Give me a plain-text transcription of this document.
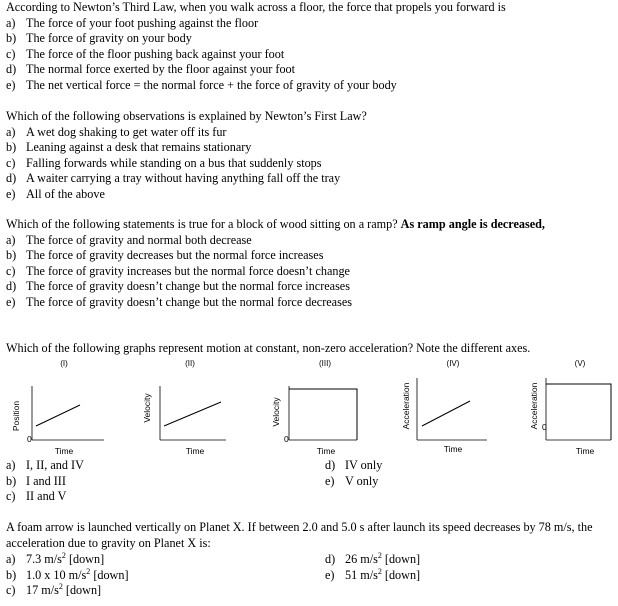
According to Newton’s Third Law, when you walk across a floor, the force that propels you forward is
a) The force of your foot pushing against the floor
b) The force of gravity on your body
c) The force of the floor pushing back against your foot
d) The normal force exerted by the floor against your foot
e) The net vertical force = the normal force + the force of gravity of your body
Which of the following observations is explained by Newton’s First Law?
a) A wet dog shaking to get water off its fur
b) Leaning against a desk that remains stationary
c) Falling forwards while standing on a bus that suddenly stops
d) A waiter carrying a tray without having anything fall off the tray
e) All of the above
Which of the following statements is true for a block of wood sitting on a ramp? As ramp angle is decreased,
a) The force of gravity and normal both decrease
b) The force of gravity decreases but the normal force increases
c) The force of gravity increases but the normal force doesn’t change
d) The force of gravity doesn’t change but the normal force increases
e) The force of gravity doesn’t change but the normal force decreases
Which of the following graphs represent motion at constant, non-zero acceleration? Note the different axes.
(I)
Position
0
Time
(II)
Velocity
Time
(III)
Velocity
0
Time
(IV)
Acceleration
Time
(V)
Acceleration 0
Time
a) I, II, and IV
b) I and III
c) II and V
d) IV only
e) V only
A foam arrow is launched vertically on Planet X. If between 2.0 and 5.0 s after launch its speed decreases by 78 m/s, the acceleration due to gravity on Planet X is:
a) 7.3 $m/s^2$ [down]
b) 1.0 x 10 $m/s^2$ [down]
c) 17 $m/s^2$ [down]
d) 26 $m/s^2$ [down]
e) 51 $m/s^2$ [down]
